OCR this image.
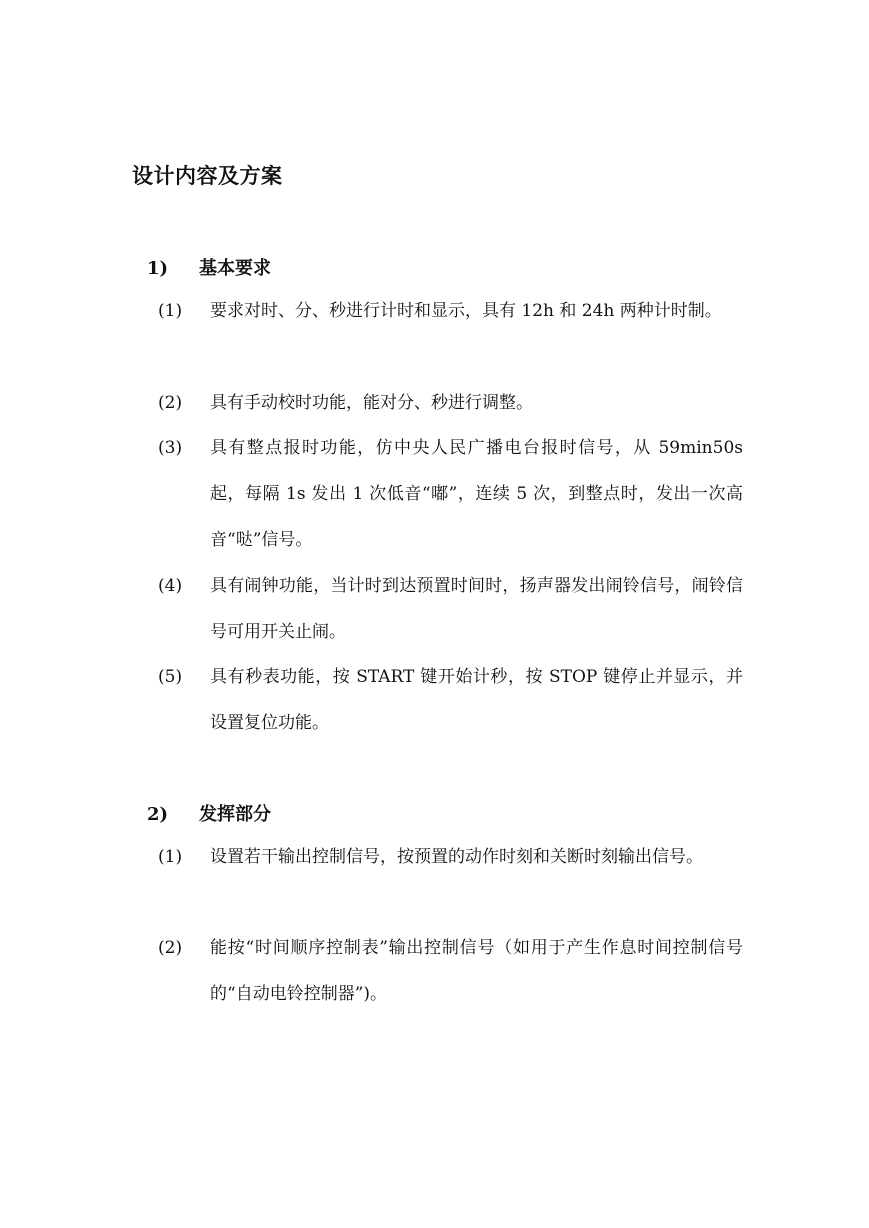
设计内容及方案
1) 基本要求

(1)	要求对时、分、秒进行计时和显示，具有 12h 和 24h 两种计时制。

(2)	具有手动校时功能，能对分、秒进行调整。

(3)	具有整点报时功能，仿中央人民广播电台报时信号，从 59min50s 起，每隔 1s 发出 1 次低音“嘟”，连续 5 次，到整点时，发出一次高音“哒”信号。

(4)	具有闹钟功能，当计时到达预置时间时，扬声器发出闹铃信号，闹铃信号可用开关止闹。

(5)	具有秒表功能，按 START 键开始计秒，按 STOP 键停止并显示，并设置复位功能。

2) 发挥部分

(1)	设置若干输出控制信号，按预置的动作时刻和关断时刻输出信号。

(2)	能按“时间顺序控制表”输出控制信号（如用于产生作息时间控制信号的“自动电铃控制器”)。
